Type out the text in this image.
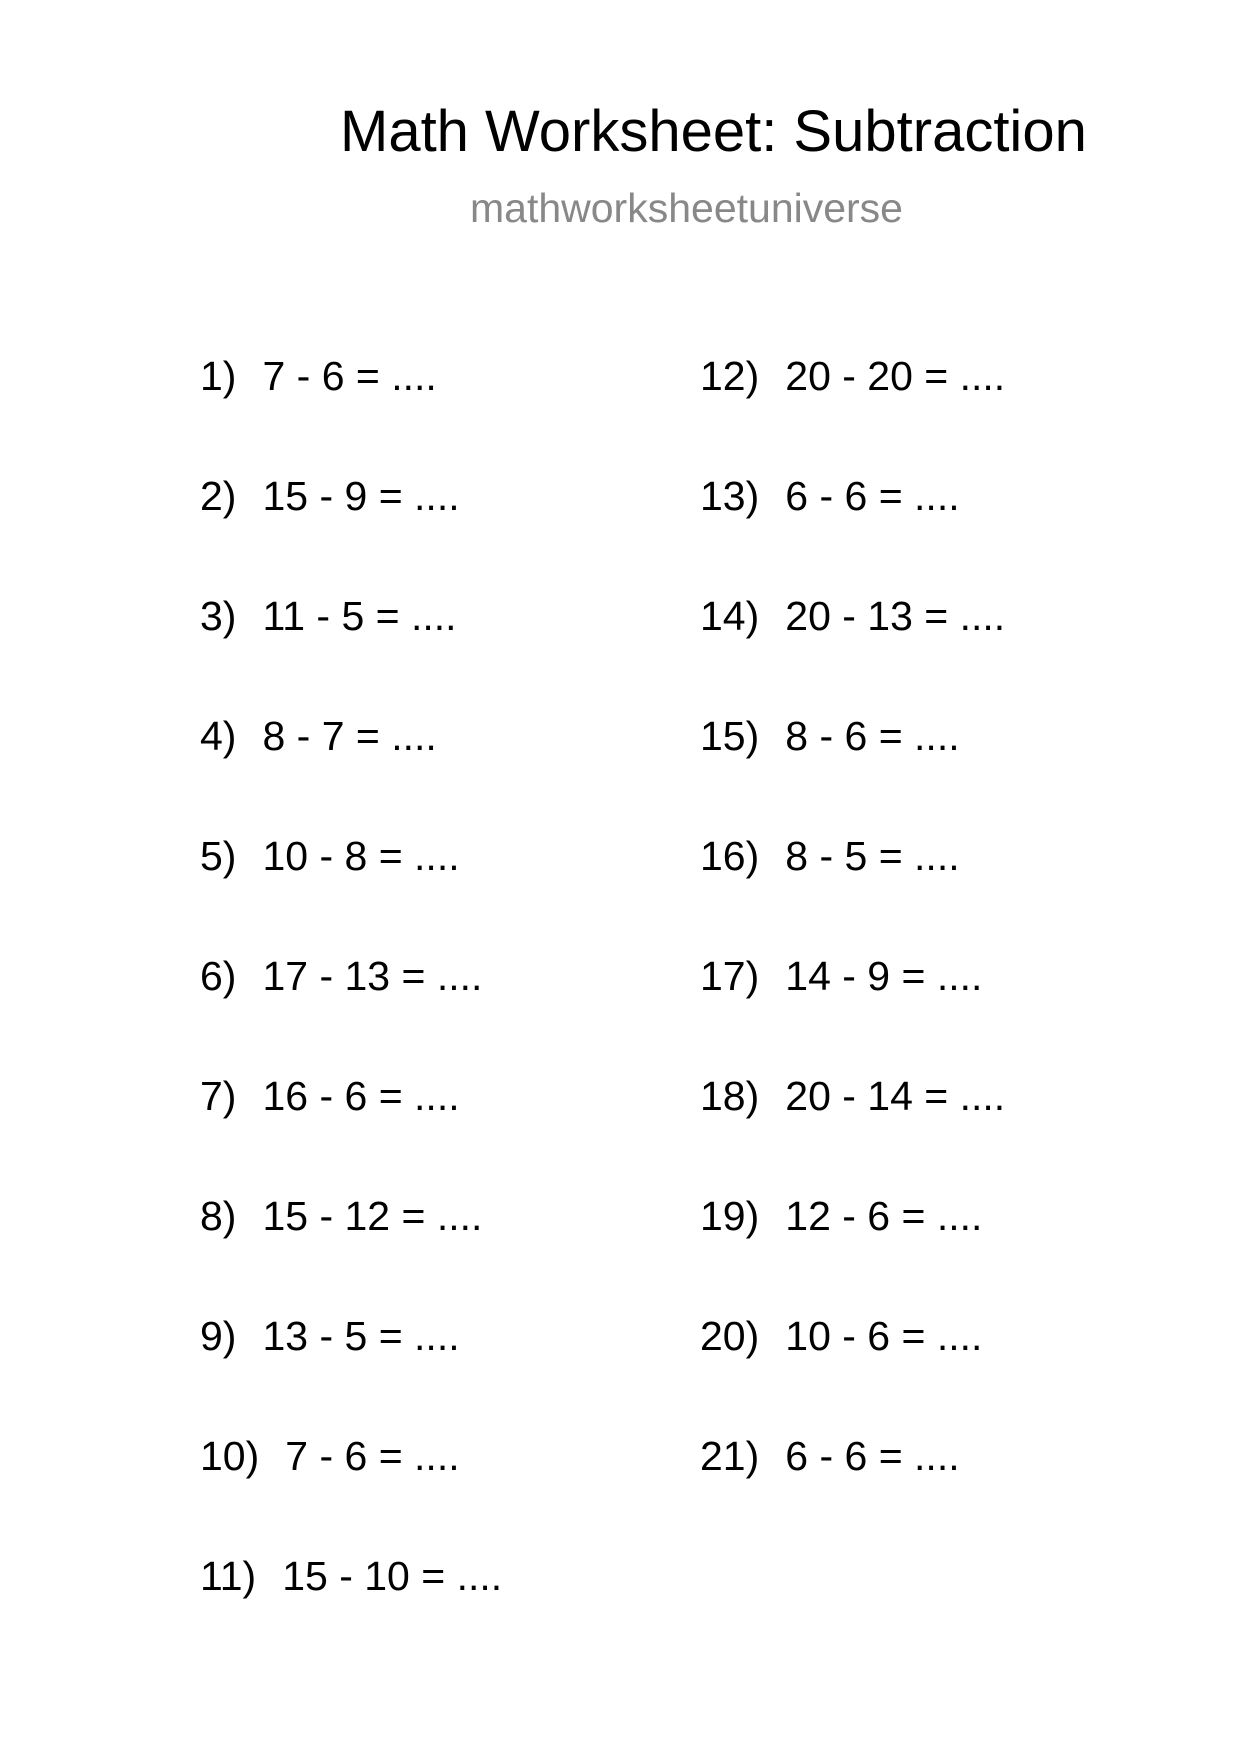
Math Worksheet: Subtraction
mathworksheetuniverse
1) 7 - 6 = ....
2) 15 - 9 = ....
3) 11 - 5 = ....
4) 8 - 7 = ....
5) 10 - 8 = ....
6) 17 - 13 = ....
7) 16 - 6 = ....
8) 15 - 12 = ....
9) 13 - 5 = ....
10) 7 - 6 = ....
11) 15 - 10 = ....
12) 20 - 20 = ....
13) 6 - 6 = ....
14) 20 - 13 = ....
15) 8 - 6 = ....
16) 8 - 5 = ....
17) 14 - 9 = ....
18) 20 - 14 = ....
19) 12 - 6 = ....
20) 10 - 6 = ....
21) 6 - 6 = ....
